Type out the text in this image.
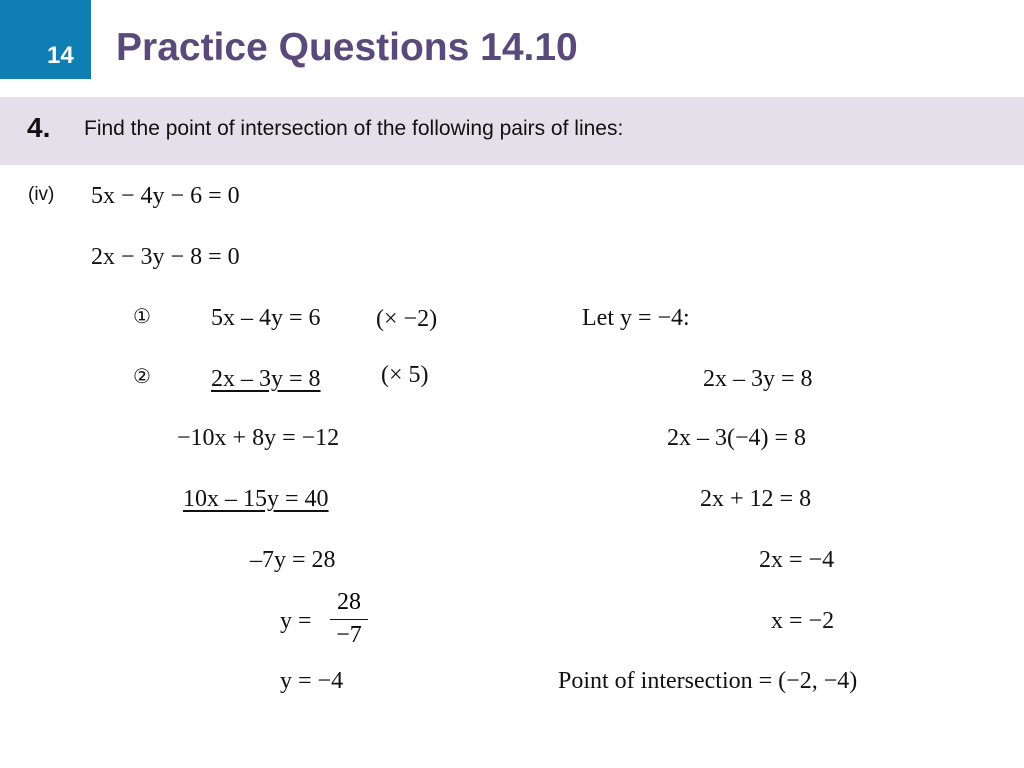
14 Practice Questions 14.10
4. Find the point of intersection of the following pairs of lines:
(iv) 5x − 4y − 6 = 0
2x − 3y − 8 = 0
①	5x – 4y = 6 (× −2)
②	2x – 3y = 8	(× 5)
−10x + 8y = −12
10x – 15y = 40
–7y = 28
y =
28
−7
y = −4
Let y = −4:
2x – 3y = 8
2x – 3(−4) = 8
2x + 12 = 8
2x = −4
x = −2
Point of intersection = (−2, −4)
